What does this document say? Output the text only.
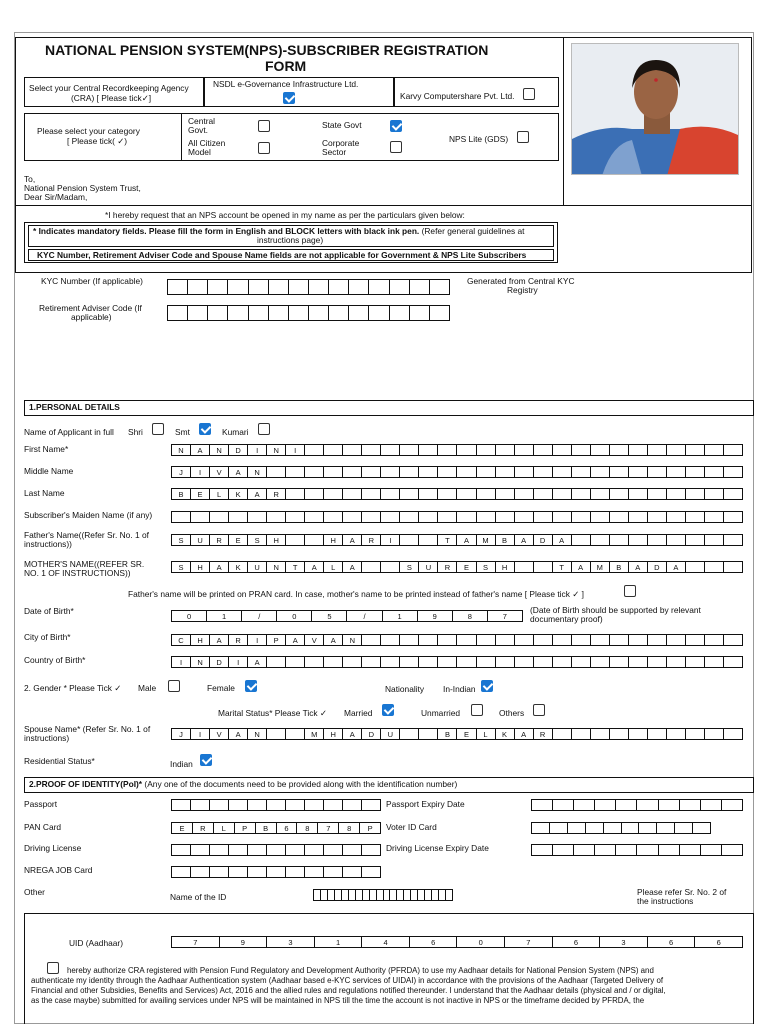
NATIONAL PENSION SYSTEM(NPS)-SUBSCRIBER REGISTRATION
FORM
Select your Central Recordkeeping Agency
(CRA) [ Please tick✓]
NSDL e-Governance Infrastructure Ltd.
Karvy Computershare Pvt. Ltd.
Please select your category
[ Please tick( ✓)
Central
Govt.	State Govt
NPS Lite (GDS)
All Citizen
Model
Corporate
Sector
To,
National Pension System Trust,
Dear Sir/Madam,
*I hereby request that an NPS account be opened in my name as per the particulars given below:
* Indicates mandatory fields. Please fill the form in English and BLOCK letters with black ink pen. (Refer general guidelines at
instructions page)
KYC Number, Retirement Adviser Code and Spouse Name fields are not applicable for Government & NPS Lite Subscribers
KYC Number (If applicable)	Generated from Central KYC
Registry
Retirement Adviser Code (If
applicable)
1.PERSONAL DETAILS
Name of Applicant in full Shri	Smt	Kumari
First Name*	N	A	N	D	I	N	I
Middle Name	J	I	V	A	N
Last Name	B	E	L	K	A	R
Subscriber's Maiden Name (if any)
Father's Name((Refer Sr. No. 1 of
instructions))	S	U	R	E	S	H	H	A	R	I	T	A	M	B	A	D	A
MOTHER'S NAME((REFER SR.
NO. 1 OF INSTRUCTIONS))
S	H	A	K	U	N	T	A	L	A	S	U	R	E	S	H	T	A	M	B	A	D	A
Father's name will be printed on PRAN card. In case, mother's name to be printed instead of father's name [ Please tick ✓ ]
Date of Birth*
0	1	/	0	5	/	1	9	8	7
(Date of Birth should be supported by relevant
documentary proof)
City of Birth*	C	H	A	R	I	P	A	V	A	N
Country of Birth*	I	N	D	I	A
2. Gender * Please Tick ✓ Male	Female	Nationality In-Indian
Marital Status* Please Tick ✓ Married	Unmarried	Others
Spouse Name* (Refer Sr. No. 1 of
instructions)	J	I	V	A	N	M	H	A	D	U	B	E	L	K	A	R
Residential Status*	Indian
2.PROOF OF IDENTITY(PoI)* (Any one of the documents need to be provided along with the identification number)
Passport	Passport Expiry Date
PAN Card	E	R	L	P	B	6	8	7	8	P	Voter ID Card
Driving License	Driving License Expiry Date
NREGA JOB Card
Other	Name of the ID	Please refer Sr. No. 2 of
the instructions
UID (Aadhaar)	7	9	3	1	4	6	0	7	6	3	6	6
hereby authorize CRA registered with Pension Fund Regulatory and Development Authority (PFRDA) to use my Aadhaar details for National Pension System (NPS) and
authenticate my identity through the Aadhaar Authentication system (Aadhaar based e-KYC services of UIDAI) in accordance with the provisions of the Aadhaar (Targeted Delivery of
Financial and other Subsidies, Benefits and Services) Act, 2016 and the allied rules and regulations notified thereunder. I understand that the Aadhaar details (physical and / or digital,
as the case maybe) submitted for availing services under NPS will be maintained in NPS till the time the account is not inactive in NPS or the timeframe decided by PFRDA, the
